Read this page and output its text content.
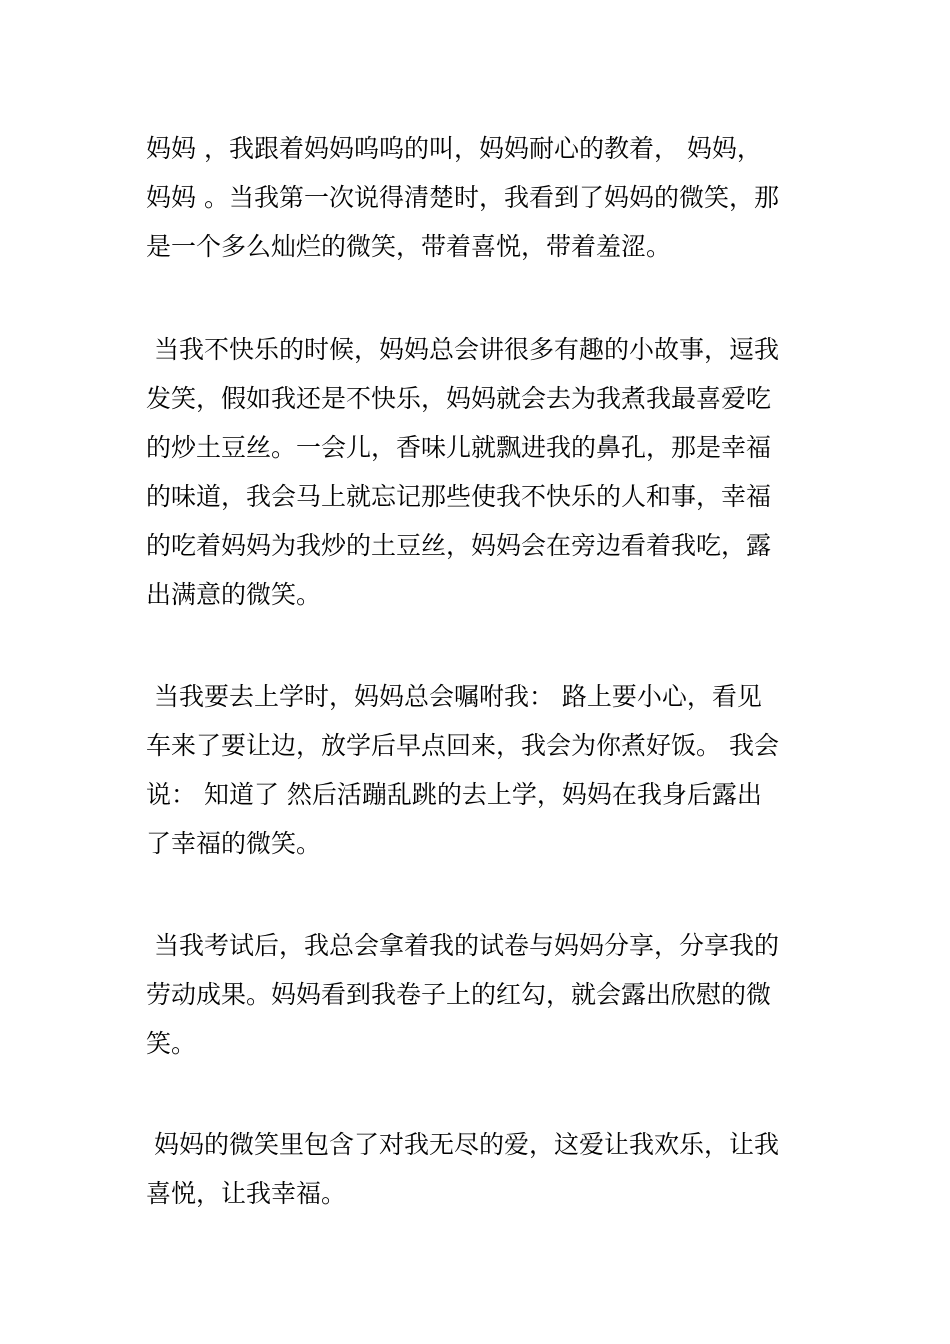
妈妈 ，我跟着妈妈呜呜的叫，妈妈耐心的教着， 妈妈，
妈妈 。当我第一次说得清楚时，我看到了妈妈的微笑，那
是一个多么灿烂的微笑，带着喜悦，带着羞涩。
当我不快乐的时候，妈妈总会讲很多有趣的小故事，逗我
发笑，假如我还是不快乐，妈妈就会去为我煮我最喜爱吃
的炒土豆丝。一会儿，香味儿就飘进我的鼻孔，那是幸福
的味道，我会马上就忘记那些使我不快乐的人和事，幸福
的吃着妈妈为我炒的土豆丝，妈妈会在旁边看着我吃，露
出满意的微笑。
当我要去上学时，妈妈总会嘱咐我： 路上要小心，看见
车来了要让边，放学后早点回来，我会为你煮好饭。 我会
说： 知道了 然后活蹦乱跳的去上学，妈妈在我身后露出
了幸福的微笑。
当我考试后，我总会拿着我的试卷与妈妈分享，分享我的
劳动成果。妈妈看到我卷子上的红勾，就会露出欣慰的微
笑。
妈妈的微笑里包含了对我无尽的爱，这爱让我欢乐，让我
喜悦，让我幸福。
